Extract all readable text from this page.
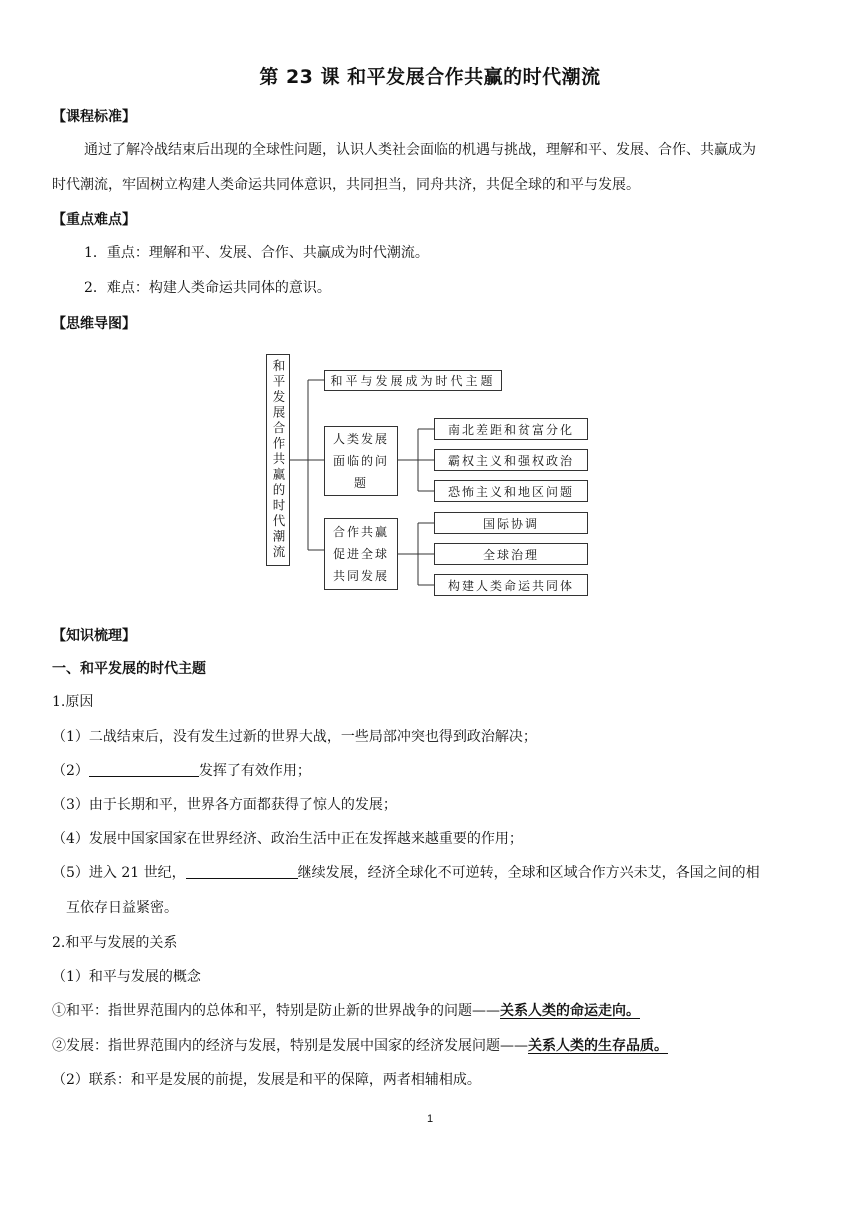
第 23 课 和平发展合作共赢的时代潮流
【课程标准】
通过了解冷战结束后出现的全球性问题，认识人类社会面临的机遇与挑战，理解和平、发展、合作、共赢成为
时代潮流，牢固树立构建人类命运共同体意识，共同担当，同舟共济，共促全球的和平与发展。
【重点难点】
1．重点：理解和平、发展、合作、共赢成为时代潮流。
2．难点：构建人类命运共同体的意识。
【思维导图】
和平发展合作共赢的时代潮流	和平与发展成为时代主题
人类发展面临的问题
合作共赢促进全球共同发展
南北差距和贫富分化
霸权主义和强权政治
恐怖主义和地区问题
国际协调
全球治理
构建人类命运共同体
【知识梳理】
一、和平发展的时代主题
1.原因
（1）二战结束后，没有发生过新的世界大战，一些局部冲突也得到政治解决；
（2）	发挥了有效作用；
（3）由于长期和平，世界各方面都获得了惊人的发展；
（4）发展中国家国家在世界经济、政治生活中正在发挥越来越重要的作用；
（5）进入 21 世纪，	继续发展，经济全球化不可逆转，全球和区域合作方兴未艾，各国之间的相
互依存日益紧密。
2.和平与发展的关系
（1）和平与发展的概念
①和平：指世界范围内的总体和平，特别是防止新的世界战争的问题——关系人类的命运走向。
②发展：指世界范围内的经济与发展，特别是发展中国家的经济发展问题——关系人类的生存品质。
（2）联系：和平是发展的前提，发展是和平的保障，两者相辅相成。
1
